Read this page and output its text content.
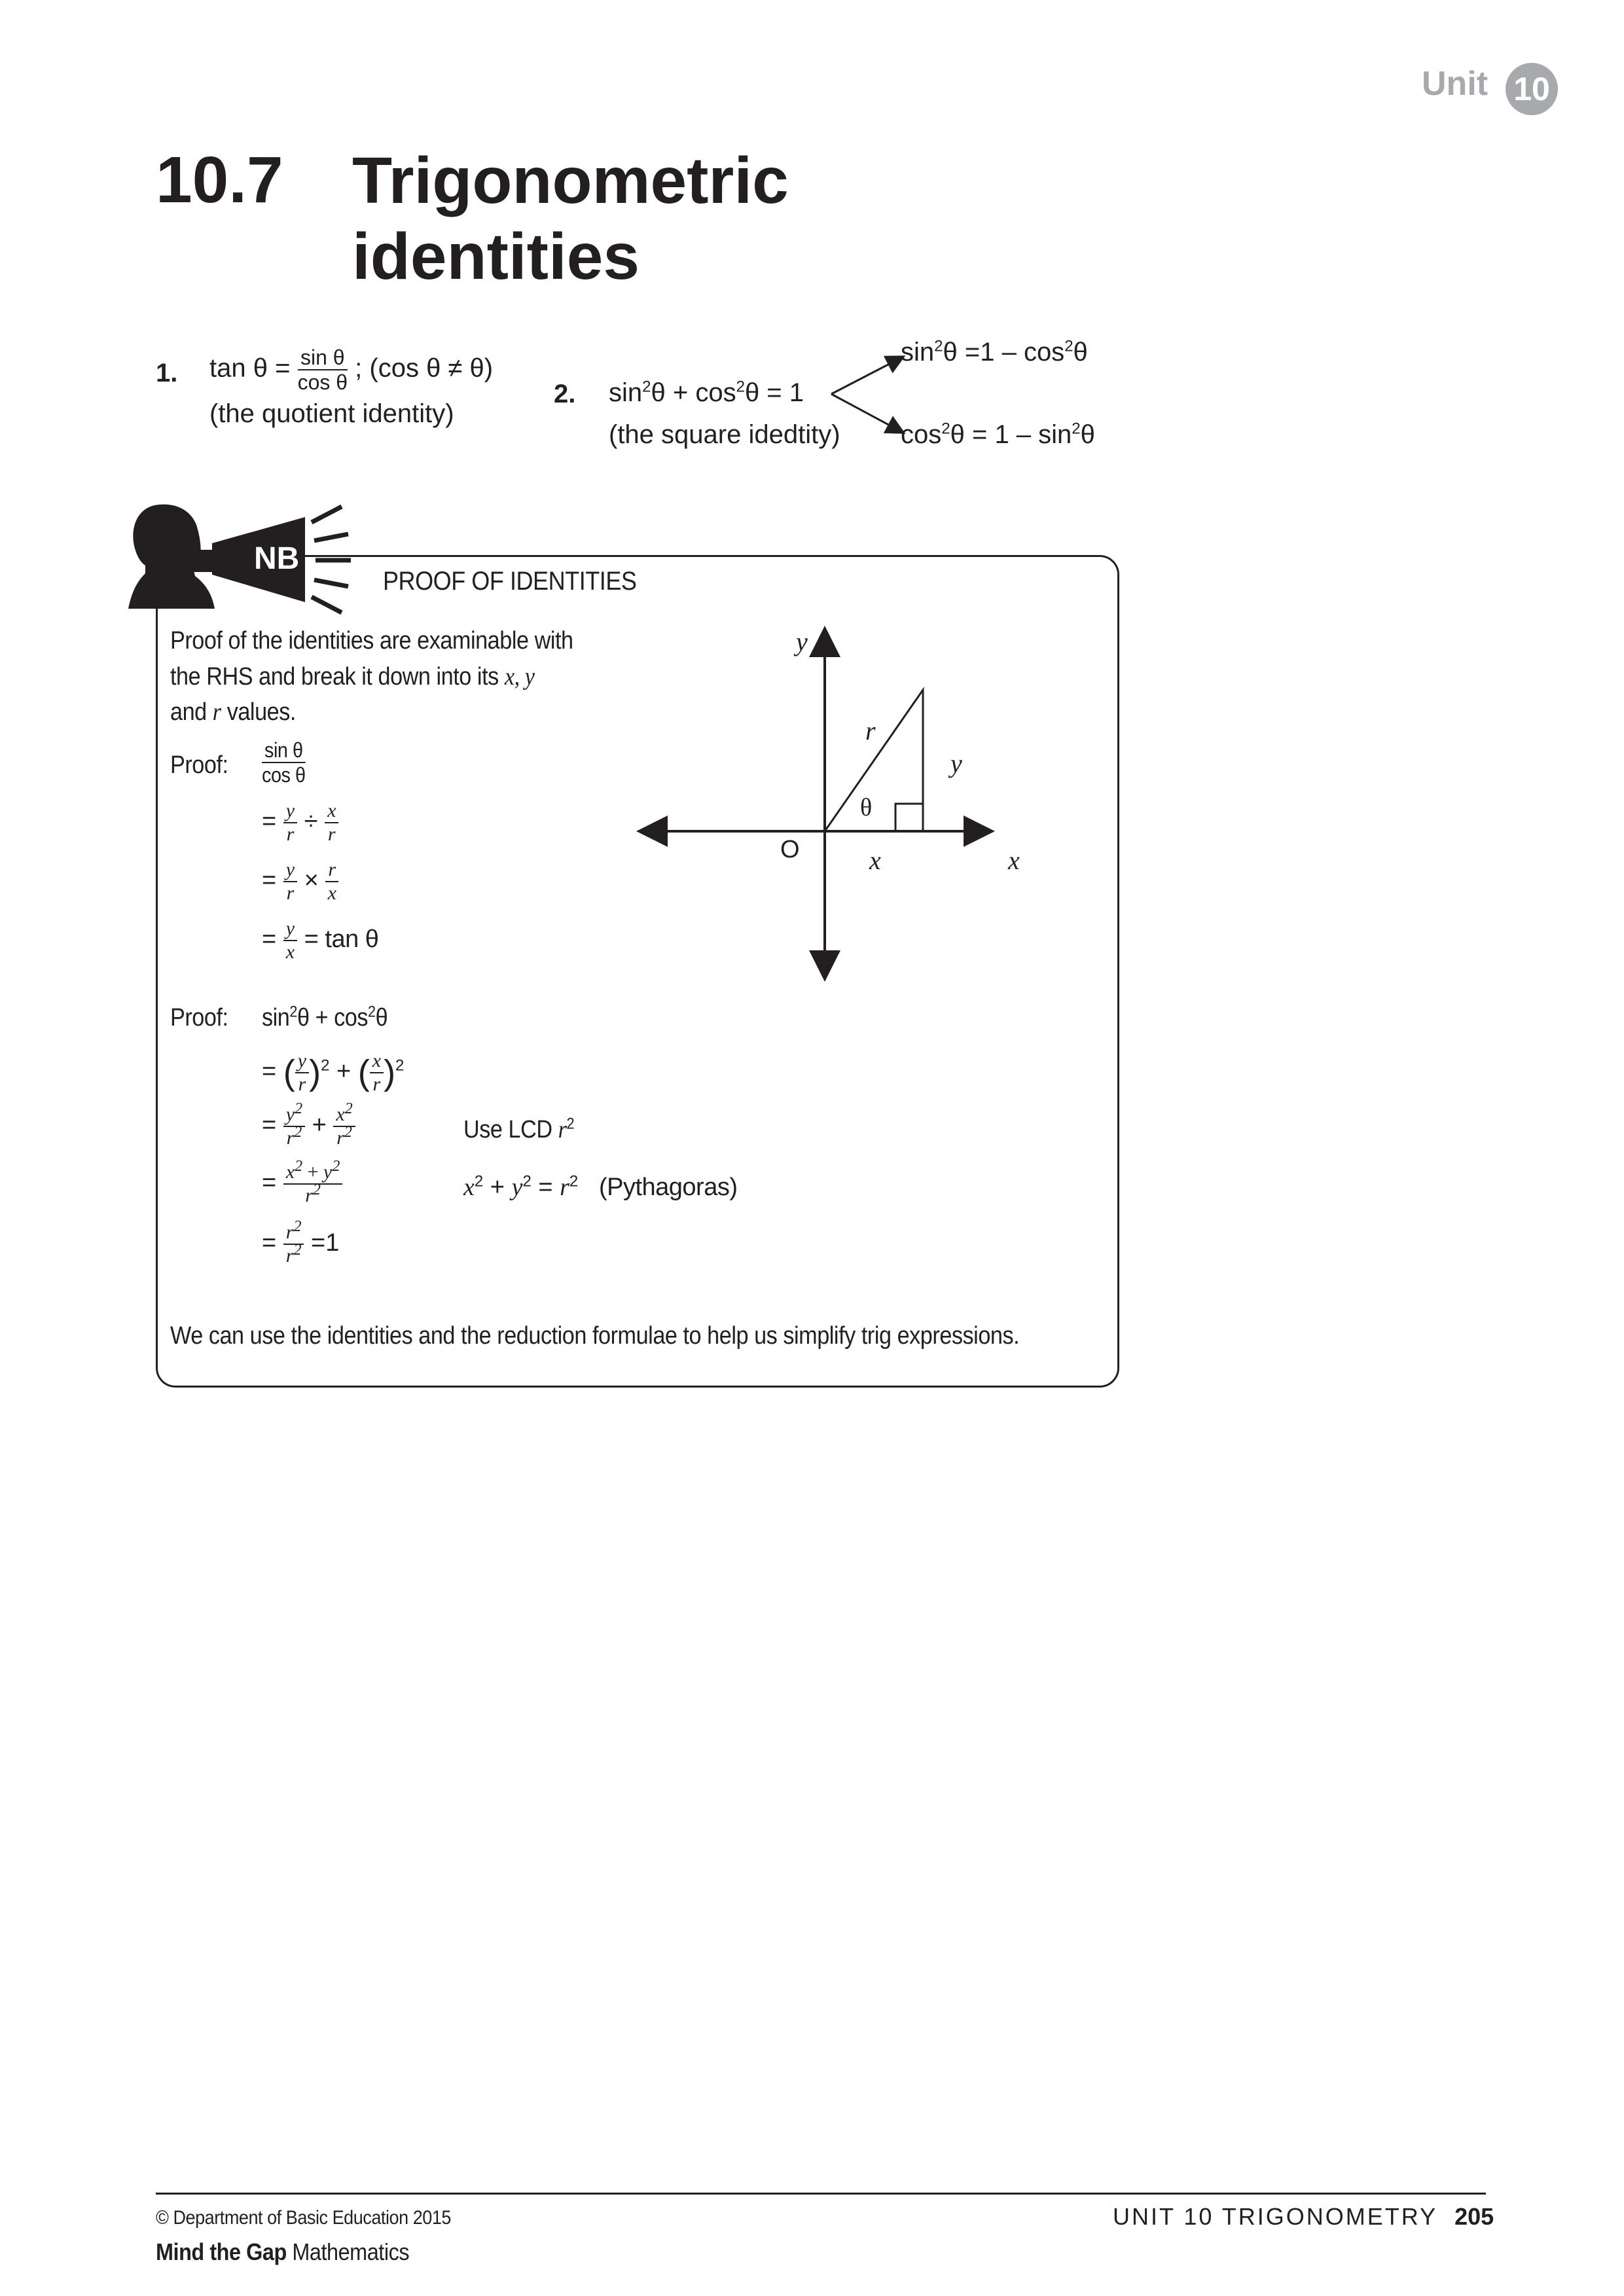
Unit 10
10.7 Trigonometric identities
1. $\tan \theta = \frac{\text{sin θ}}{\text{cos θ}}$ ; (cos θ ≠ θ)
(the quotient identity)
2. $\sin^2\theta + \cos^2\theta = 1$
(the square idedtity)
$\sin^2\theta =1 - \cos^2\theta$
$\cos^2\theta = 1 - \sin^2\theta$
NB
PROOF OF IDENTITIES
Proof of the identities are examinable with
the RHS and break it down into its x, y
and r values.
Proof: $\frac{\text{sin θ}}{\text{cos θ}}$
= $\frac{y}{r} \div \frac{x}{r}$
= $\frac{y}{r} \times \frac{r}{x}$
= $\frac{y}{x} = \tan \theta$
Proof: $\sin^2\theta + \cos^2\theta$
= ( $\frac{y}{r} )^2$ + ( $\frac{x}{r} )^2$
= $\frac{y^2}{r^2} + \frac{x^2}{r^2}$	Use LCD $r^2$
= $\frac{x^2 + y^2}{r^2}$	$x^2 + y^2 = r^2$ (Pythagoras)
= $\frac{r^2}{r^2} =1$
We can use the identities and the reduction formulae to help us simplify trig expressions.
y
x
O
r
y
x
θ
© Department of Basic Education 2015
Mind the Gap Mathematics
UNIT 10 TRIGONOMETRY 205
